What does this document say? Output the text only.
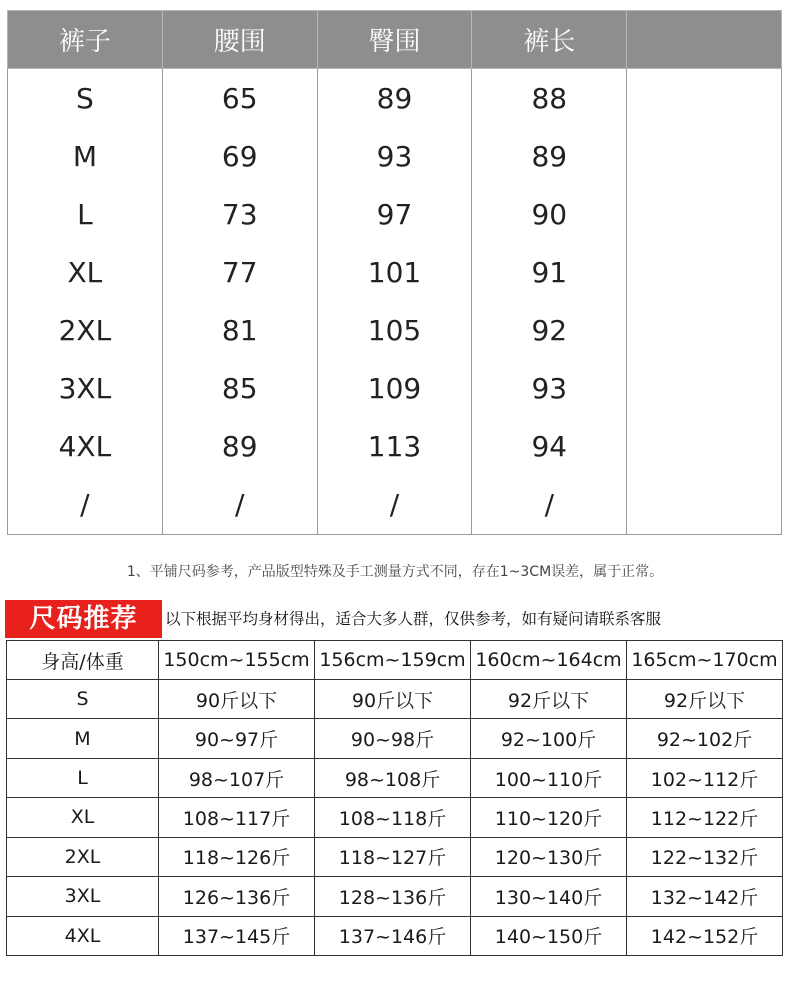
裤子	腰围	臀围	裤长	
S	65	89	88	
M	69	93	89	
L	73	97	90	
XL	77	101	91	
2XL	81	105	92	
3XL	85	109	93	
4XL	89	113	94	
/	/	/	/	
1、平铺尺码参考，产品版型特殊及手工测量方式不同，存在1~3CM误差，属于正常。
尺码推荐	以下根据平均身材得出，适合大多人群，仅供参考，如有疑问请联系客服
身高/体重	150cm~155cm	156cm~159cm	160cm~164cm	165cm~170cm
S	90斤以下	90斤以下	92斤以下	92斤以下
M	90~97斤	90~98斤	92~100斤	92~102斤
L	98~107斤	98~108斤	100~110斤	102~112斤
XL	108~117斤	108~118斤	110~120斤	112~122斤
2XL	118~126斤	118~127斤	120~130斤	122~132斤
3XL	126~136斤	128~136斤	130~140斤	132~142斤
4XL	137~145斤	137~146斤	140~150斤	142~152斤
